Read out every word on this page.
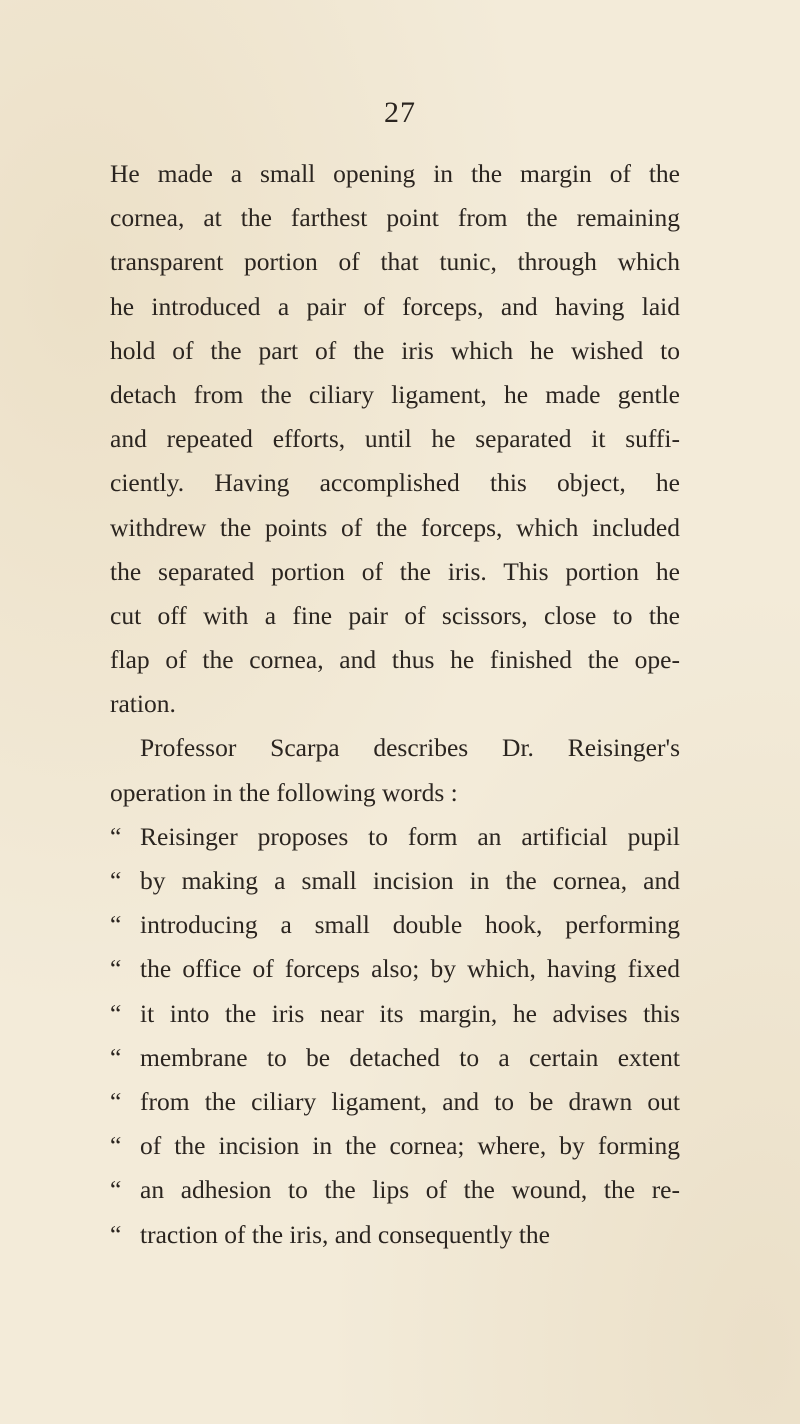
27
He made a small opening in the margin of the
cornea, at the farthest point from the remaining
transparent portion of that tunic, through which
he introduced a pair of forceps, and having laid
hold of the part of the iris which he wished to
detach from the ciliary ligament, he made gentle
and repeated efforts, until he separated it suffi-
ciently. Having accomplished this object, he
withdrew the points of the forceps, which included
the separated portion of the iris. This portion he
cut off with a fine pair of scissors, close to the
flap of the cornea, and thus he finished the ope-
ration.
Professor Scarpa describes Dr. Reisinger's
operation in the following words :
“ Reisinger proposes to form an artificial pupil
“ by making a small incision in the cornea, and
“ introducing a small double hook, performing
“ the office of forceps also; by which, having fixed
“ it into the iris near its margin, he advises this
“ membrane to be detached to a certain extent
“ from the ciliary ligament, and to be drawn out
“ of the incision in the cornea; where, by forming
“ an adhesion to the lips of the wound, the re-
“ traction of the iris, and consequently the
